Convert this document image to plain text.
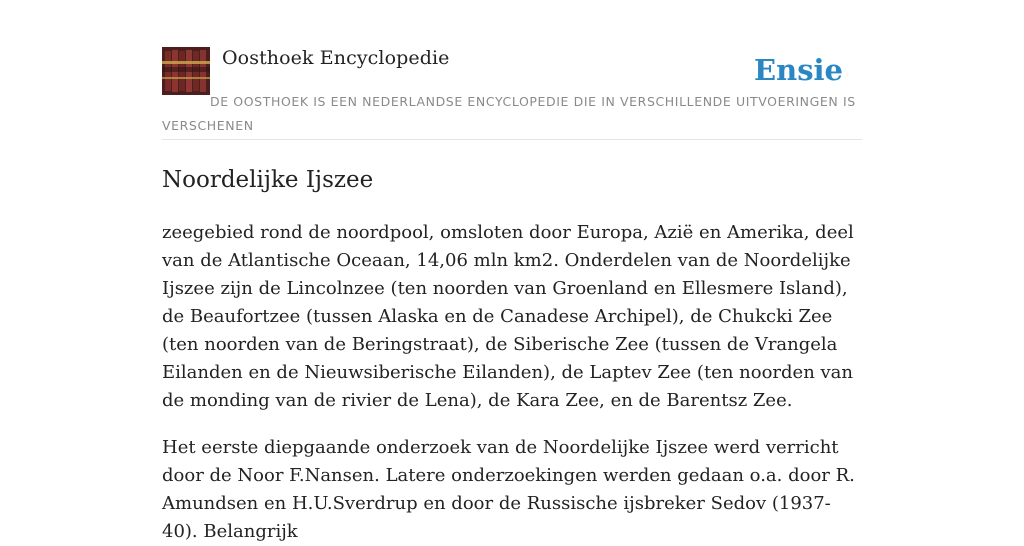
Oosthoek Encyclopedie	Ensie
DE OOSTHOEK IS EEN NEDERLANDSE ENCYCLOPEDIE DIE IN VERSCHILLENDE UITVOERINGEN IS VERSCHENEN
Noordelijke Ijszee

zeegebied rond de noordpool, omsloten door Europa, Azië en Amerika, deel van de Atlantische Oceaan, 14,06 mln km2. Onderdelen van de Noordelijke Ijszee zijn de Lincolnzee (ten noorden van Groenland en Ellesmere Island), de Beaufortzee (tussen Alaska en de Canadese Archipel), de Chukcki Zee (ten noorden van de Beringstraat), de Siberische Zee (tussen de Vrangela Eilanden en de Nieuwsiberische Eilanden), de Laptev Zee (ten noorden van de monding van de rivier de Lena), de Kara Zee, en de Barentsz Zee.

Het eerste diepgaande onderzoek van de Noordelijke Ijszee werd verricht door de Noor F.Nansen. Latere onderzoekingen werden gedaan o.a. door R. Amundsen en H.U.Sverdrup en door de Russische ijsbreker Sedov (1937-40). Belangrijk
